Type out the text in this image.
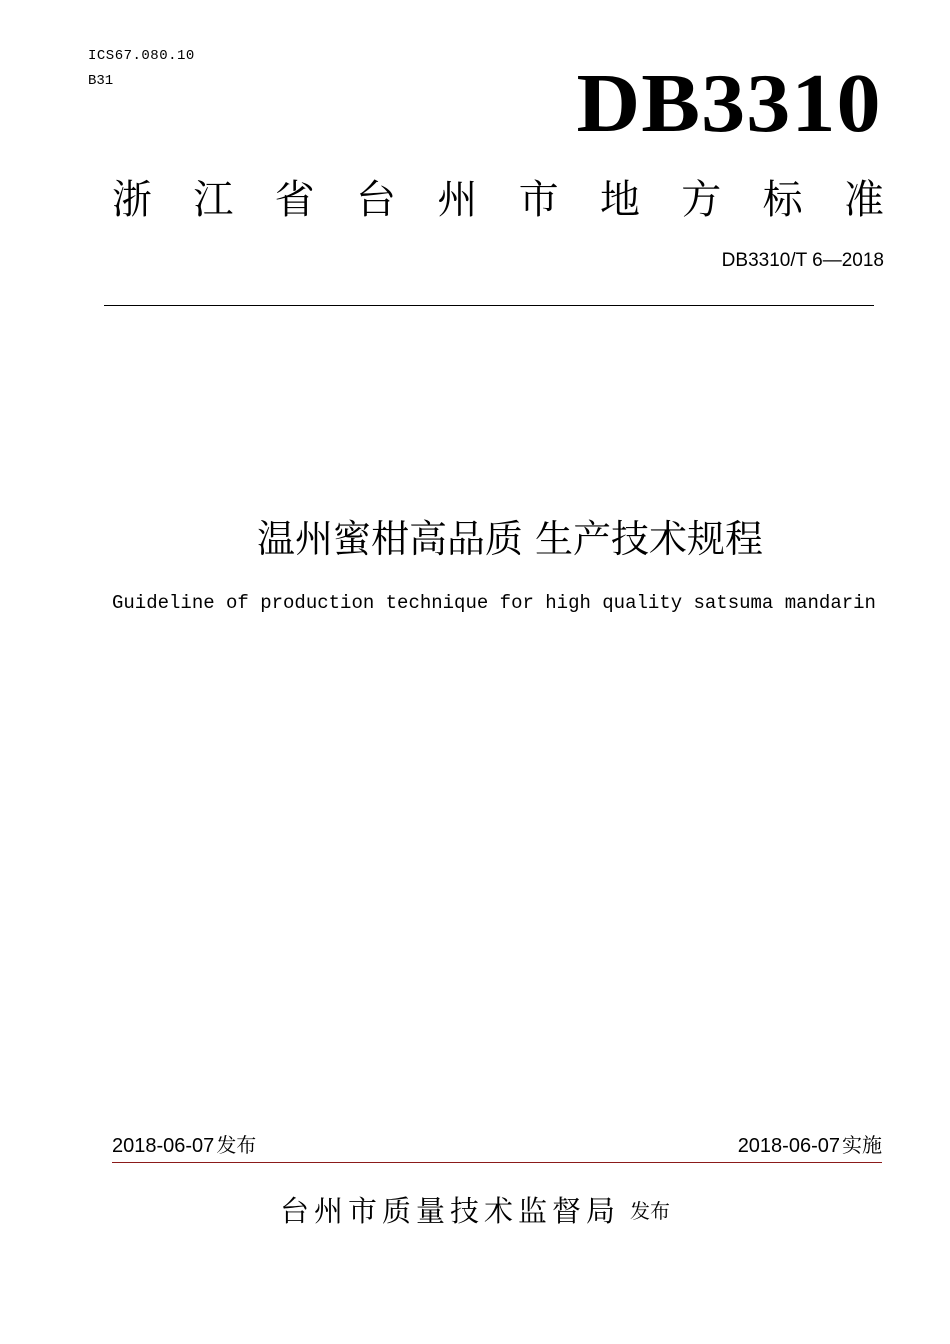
ICS67.080.10
B31	DB3310
浙 江 省 台 州 市 地 方 标 准
DB3310/T 6—2018
温州蜜柑高品质 生产技术规程
Guideline of production technique for high quality satsuma mandarin
2018-06-07 发布	2018-06-07 实施
台州市质量技术监督局 发布
